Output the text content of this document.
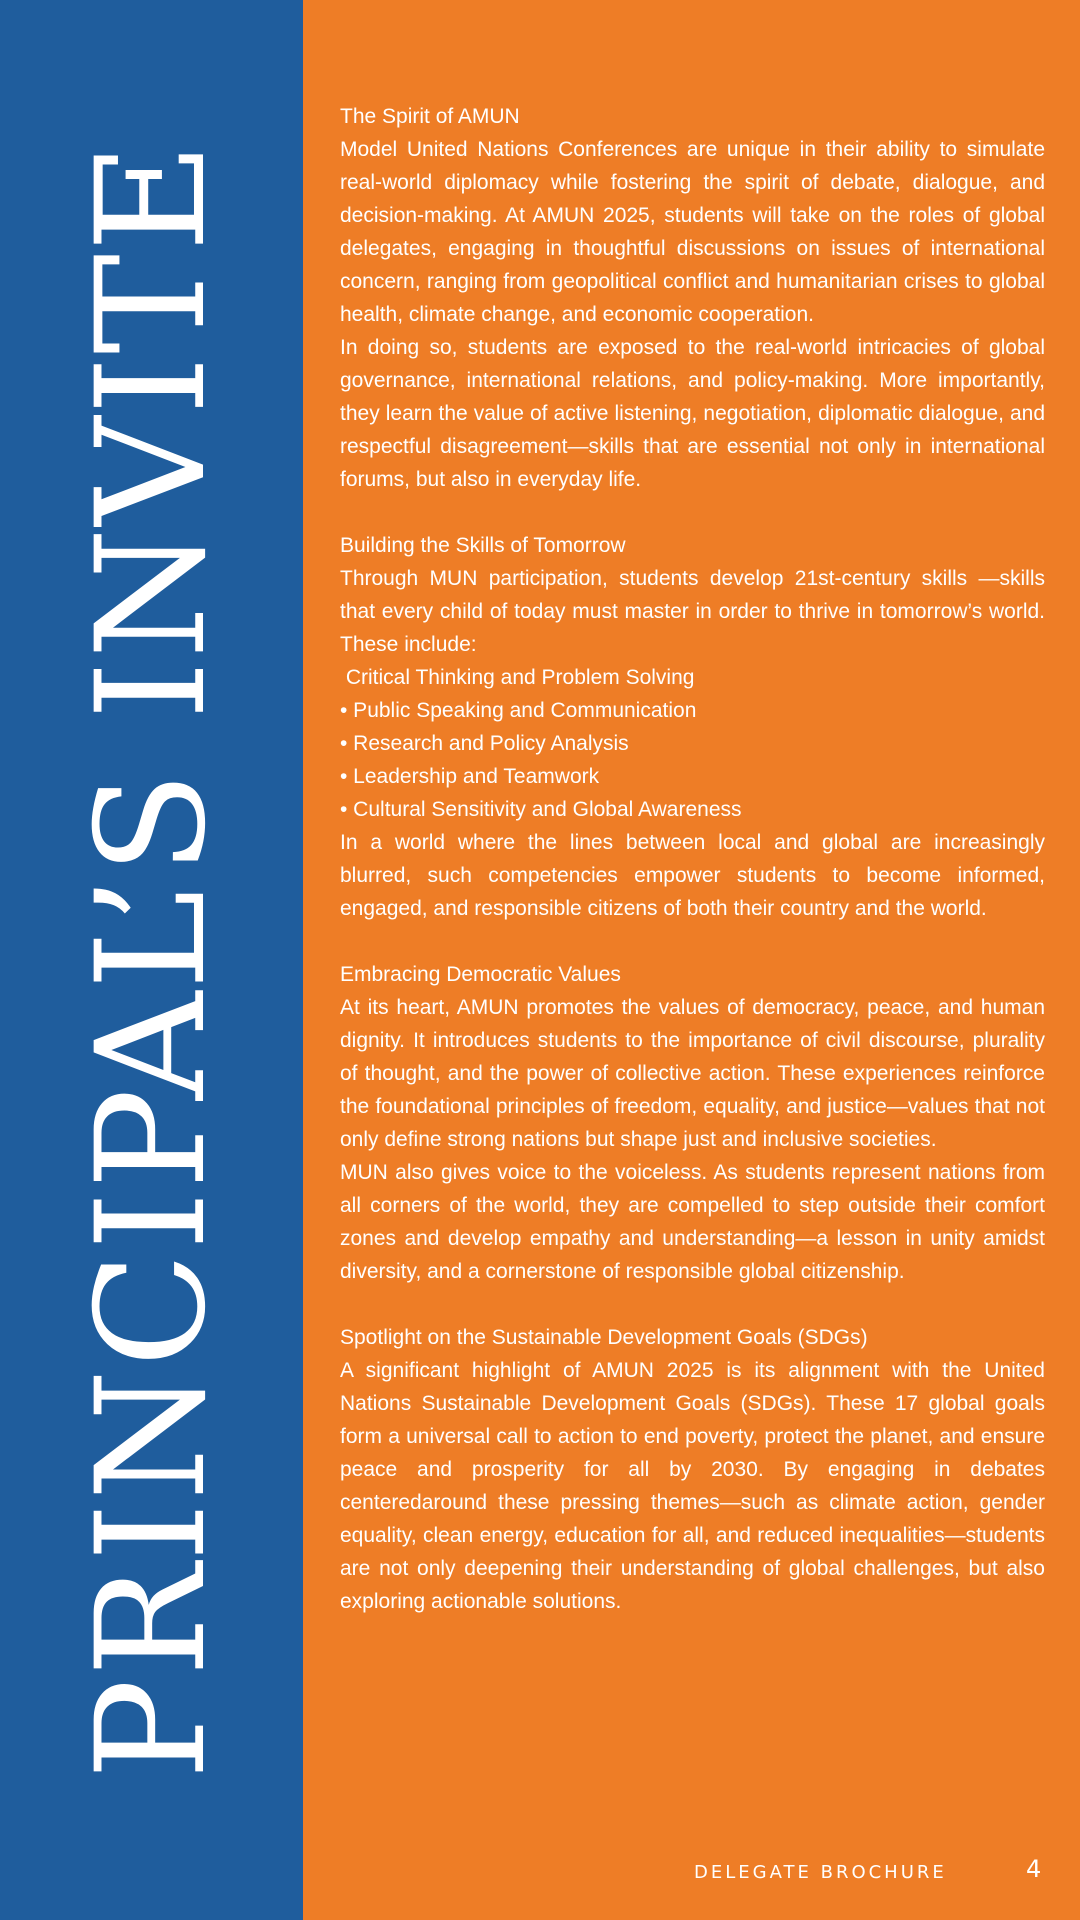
PRINCIPAL’S INVITE
The Spirit of AMUN

Model United Nations Conferences are unique in their ability to simulate real-world diplomacy while fostering the spirit of debate, dialogue, and decision-making. At AMUN 2025, students will take on the roles of global delegates, engaging in thoughtful discussions on issues of international concern, ranging from geopolitical conflict and humanitarian crises to global health, climate change, and economic cooperation.

In doing so, students are exposed to the real-world intricacies of global governance, international relations, and policy-making. More importantly, they learn the value of active listening, negotiation, diplomatic dialogue, and respectful disagreement—skills that are essential not only in international forums, but also in everyday life.

Building the Skills of Tomorrow

Through MUN participation, students develop 21st-century skills —skills that every child of today must master in order to thrive in tomorrow’s world. These include:

Critical Thinking and Problem Solving
• Public Speaking and Communication
• Research and Policy Analysis
• Leadership and Teamwork
• Cultural Sensitivity and Global Awareness

In a world where the lines between local and global are increasingly blurred, such competencies empower students to become informed, engaged, and responsible citizens of both their country and the world.

Embracing Democratic Values

At its heart, AMUN promotes the values of democracy, peace, and human dignity. It introduces students to the importance of civil discourse, plurality of thought, and the power of collective action. These experiences reinforce the foundational principles of freedom, equality, and justice—values that not only define strong nations but shape just and inclusive societies.

MUN also gives voice to the voiceless. As students represent nations from all corners of the world, they are compelled to step outside their comfort zones and develop empathy and understanding—a lesson in unity amidst diversity, and a cornerstone of responsible global citizenship.

Spotlight on the Sustainable Development Goals (SDGs)

A significant highlight of AMUN 2025 is its alignment with the United Nations Sustainable Development Goals (SDGs). These 17 global goals form a universal call to action to end poverty, protect the planet, and ensure peace and prosperity for all by 2030. By engaging in debates centeredaround these pressing themes—such as climate action, gender equality, clean energy, education for all, and reduced inequalities—students are not only deepening their understanding of global challenges, but also exploring actionable solutions.

DELEGATE BROCHURE	4
